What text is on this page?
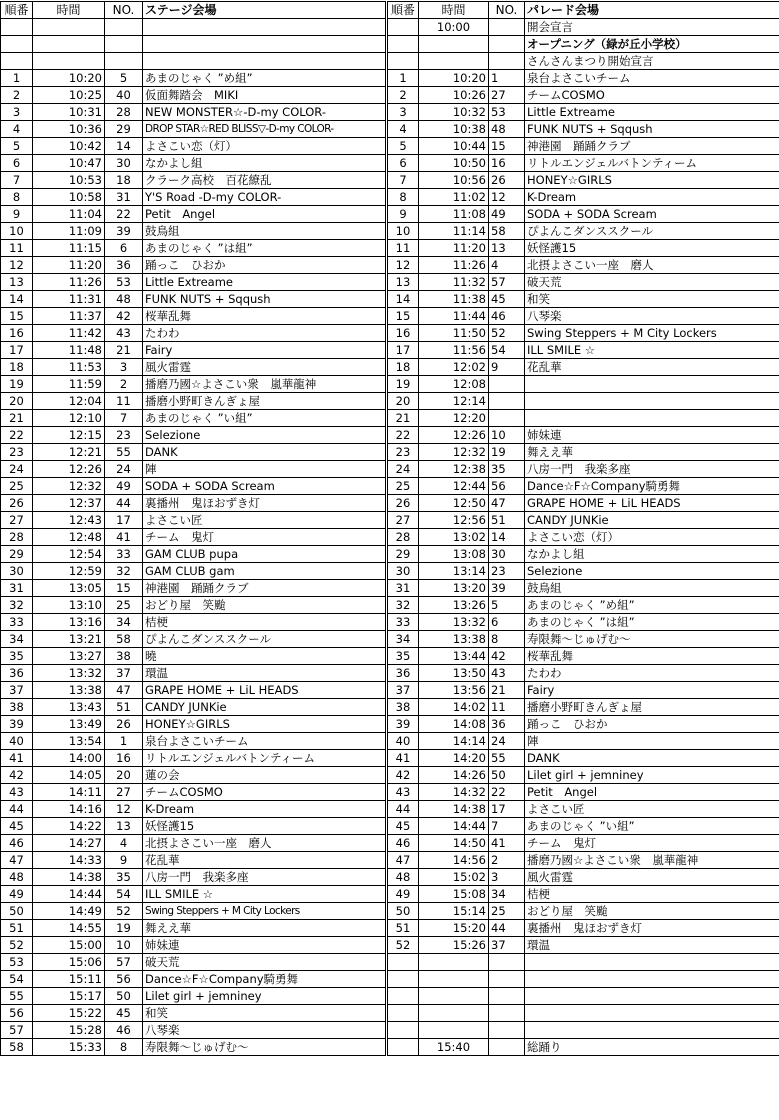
順番	時間	NO.	ステージ会場	順番	時間	NO.	パレード会場
					10:00		開会宣言
							オープニング（緑が丘小学校）
							さんさんまつり開始宣言
1	10:20	5	あまのじゃく ”め組”	1	10:20	1	泉台よさこいチーム
2	10:25	40	仮面舞踏会　MIKI	2	10:26	27	チームCOSMO
3	10:31	28	NEW MONSTER☆-D-my COLOR-	3	10:32	53	Little Extreame
4	10:36	29	DROP STAR☆RED BLISS▽-D-my COLOR-	4	10:38	48	FUNK NUTS + Sqqush
5	10:42	14	よさこい恋（灯）	5	10:44	15	神港園　踊踊クラブ
6	10:47	30	なかよし組	6	10:50	16	リトルエンジェルバトンティーム
7	10:53	18	クラーク高校　百花繚乱	7	10:56	26	HONEY☆GIRLS
8	10:58	31	Y'S Road -D-my COLOR-	8	11:02	12	K-Dream
9	11:04	22	Petit　Angel	9	11:08	49	SODA + SODA Scream
10	11:09	39	鼓鳥組	10	11:14	58	ぴよんこダンススクール
11	11:15	6	あまのじゃく ”は組”	11	11:20	13	妖怪護15
12	11:20	36	踊っこ　ひおか	12	11:26	4	北摂よさこい一座　磨人
13	11:26	53	Little Extreame	13	11:32	57	破天荒
14	11:31	48	FUNK NUTS + Sqqush	14	11:38	45	和笑
15	11:37	42	桜華乱舞	15	11:44	46	八琴楽
16	11:42	43	たわわ	16	11:50	52	Swing Steppers + M City Lockers
17	11:48	21	Fairy	17	11:56	54	ILL SMILE ☆
18	11:53	3	風火雷霆	18	12:02	9	花乱華
19	11:59	2	播磨乃國☆よさこい衆　嵐華龍神	19	12:08		
20	12:04	11	播磨小野町きんぎょ屋	20	12:14		
21	12:10	7	あまのじゃく ”い組”	21	12:20		
22	12:15	23	Selezione	22	12:26	10	姉妹連
23	12:21	55	DANK	23	12:32	19	舞ええ華
24	12:26	24	陣	24	12:38	35	八房一門　我楽多座
25	12:32	49	SODA + SODA Scream	25	12:44	56	Dance☆F☆Company騎勇舞
26	12:37	44	裏播州　鬼ほおずき灯	26	12:50	47	GRAPE HOME + LiL HEADS
27	12:43	17	よさこい匠	27	12:56	51	CANDY JUNKie
28	12:48	41	チーム　鬼灯	28	13:02	14	よさこい恋（灯）
29	12:54	33	GAM CLUB pupa	29	13:08	30	なかよし組
30	12:59	32	GAM CLUB gam	30	13:14	23	Selezione
31	13:05	15	神港園　踊踊クラブ	31	13:20	39	鼓鳥組
32	13:10	25	おどり屋　笑颱	32	13:26	5	あまのじゃく ”め組”
33	13:16	34	桔梗	33	13:32	6	あまのじゃく ”は組”
34	13:21	58	ぴよんこダンススクール	34	13:38	8	寿限舞～じゅげむ～
35	13:27	38	曉	35	13:44	42	桜華乱舞
36	13:32	37	環温	36	13:50	43	たわわ
37	13:38	47	GRAPE HOME + LiL HEADS	37	13:56	21	Fairy
38	13:43	51	CANDY JUNKie	38	14:02	11	播磨小野町きんぎょ屋
39	13:49	26	HONEY☆GIRLS	39	14:08	36	踊っこ　ひおか
40	13:54	1	泉台よさこいチーム	40	14:14	24	陣
41	14:00	16	リトルエンジェルバトンティーム	41	14:20	55	DANK
42	14:05	20	蓮の会	42	14:26	50	Lilet girl + jemniney
43	14:11	27	チームCOSMO	43	14:32	22	Petit　Angel
44	14:16	12	K-Dream	44	14:38	17	よさこい匠
45	14:22	13	妖怪護15	45	14:44	7	あまのじゃく ”い組”
46	14:27	4	北摂よさこい一座　磨人	46	14:50	41	チーム　鬼灯
47	14:33	9	花乱華	47	14:56	2	播磨乃國☆よさこい衆　嵐華龍神
48	14:38	35	八房一門　我楽多座	48	15:02	3	風火雷霆
49	14:44	54	ILL SMILE ☆	49	15:08	34	桔梗
50	14:49	52	Swing Steppers + M City Lockers	50	15:14	25	おどり屋　笑颱
51	14:55	19	舞ええ華	51	15:20	44	裏播州　鬼ほおずき灯
52	15:00	10	姉妹連	52	15:26	37	環温
53	15:06	57	破天荒				
54	15:11	56	Dance☆F☆Company騎勇舞				
55	15:17	50	Lilet girl + jemniney				
56	15:22	45	和笑				
57	15:28	46	八琴楽				
58	15:33	8	寿限舞～じゅげむ～		15:40		総踊り
